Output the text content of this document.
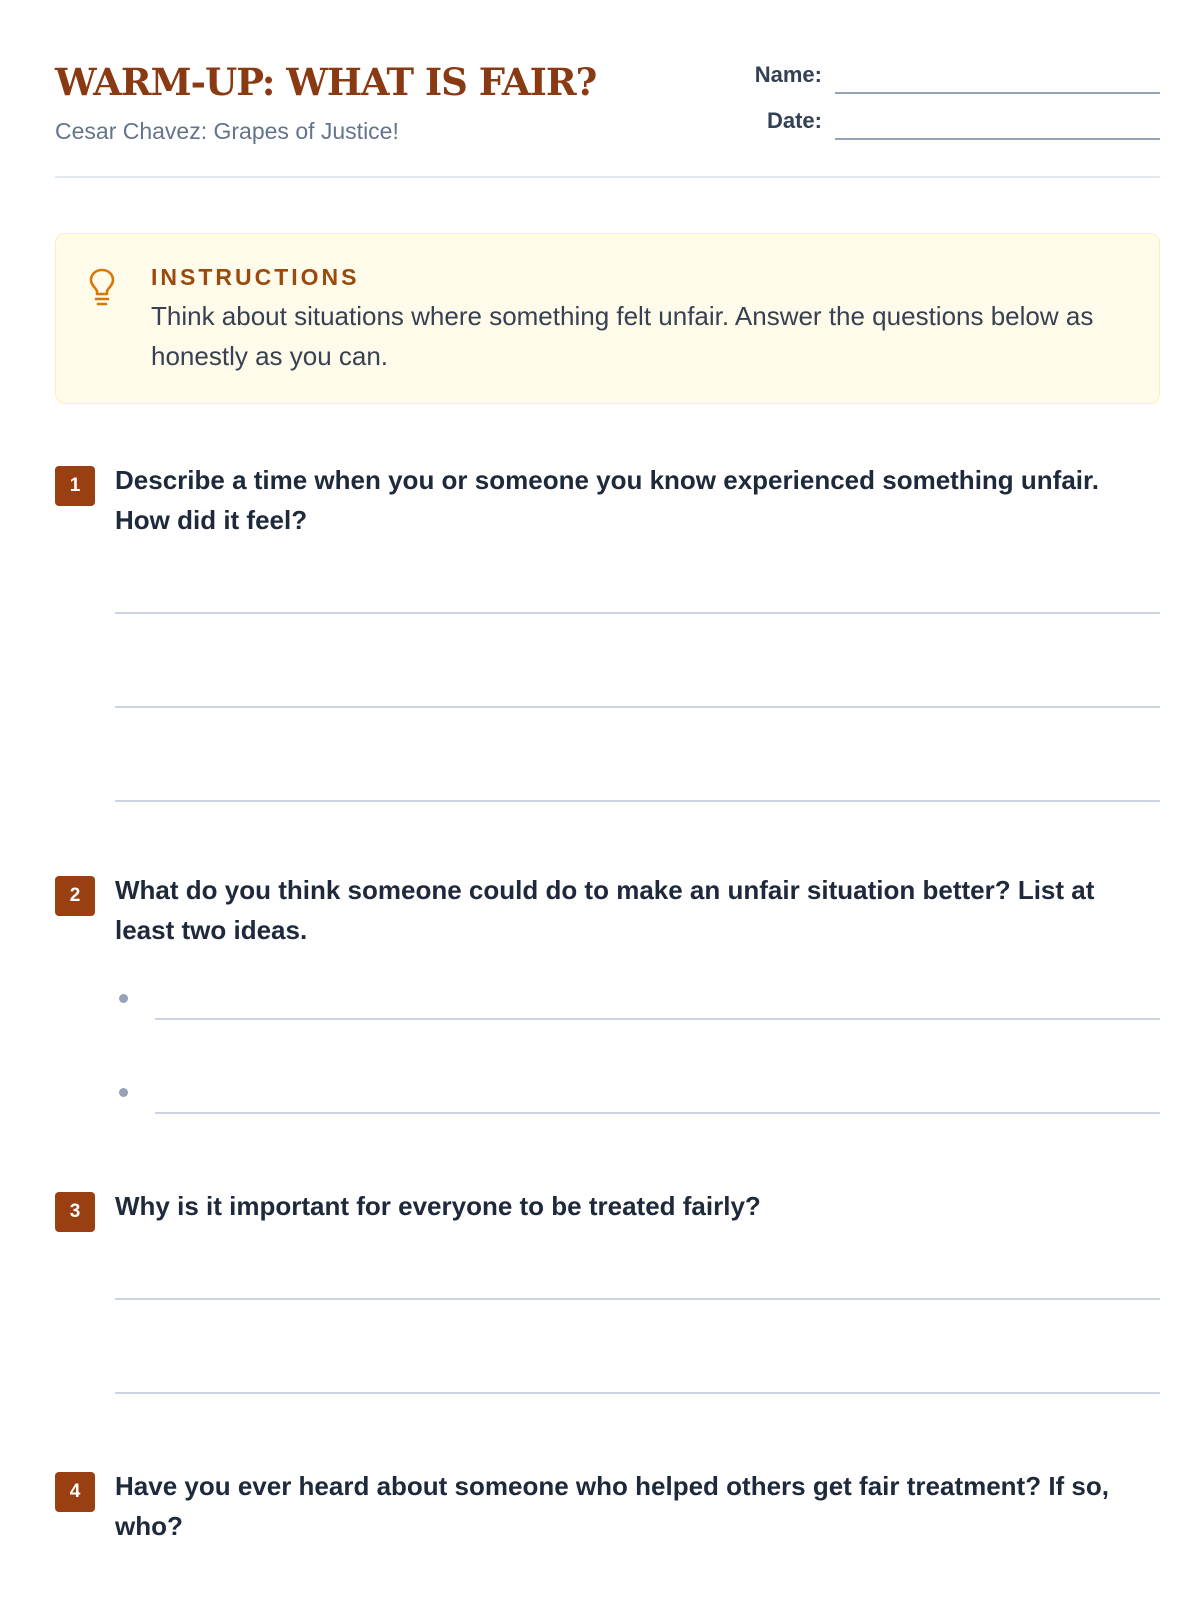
WARM-UP: WHAT IS FAIR?
Cesar Chavez: Grapes of Justice!
Name:
Date:
INSTRUCTIONS
Think about situations where something felt unfair. Answer the questions below as honestly as you can.
1	Describe a time when you or someone you know experienced something unfair. How did it feel?
2	What do you think someone could do to make an unfair situation better? List at least two ideas.
3	Why is it important for everyone to be treated fairly?
4	Have you ever heard about someone who helped others get fair treatment? If so, who?
